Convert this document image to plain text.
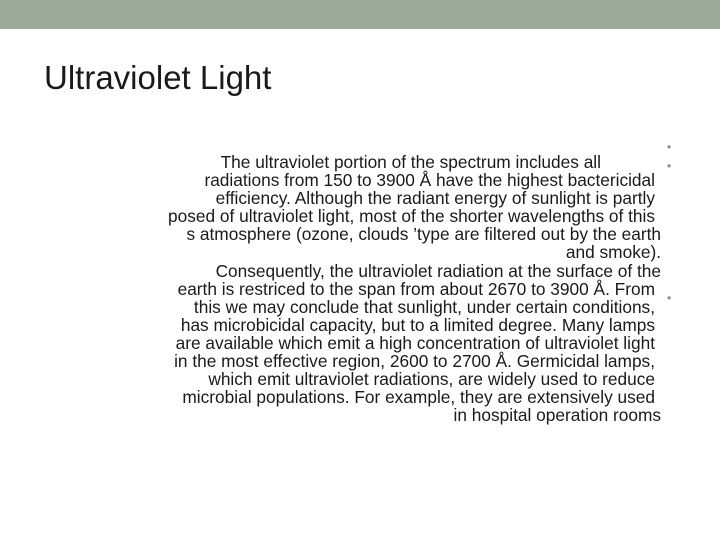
Ultraviolet Light
•
•
•
The ultraviolet portion of the spectrum includes all
radiations from 150 to 3900 Å have the highest bactericidal
efficiency. Although the radiant energy of sunlight is partly
posed of ultraviolet light, most of the shorter wavelengths of this
s atmosphere (ozone, clouds ’type are filtered out by the earth
and smoke).
Consequently, the ultraviolet radiation at the surface of the
earth is restriced to the span from about 2670 to 3900 Å. From
this we may conclude that sunlight, under certain conditions,
has microbicidal capacity, but to a limited degree. Many lamps
are available which emit a high concentration of ultraviolet light
in the most effective region, 2600 to 2700 Å. Germicidal lamps,
which emit ultraviolet radiations, are widely used to reduce
microbial populations. For example, they are extensively used
in hospital operation rooms
